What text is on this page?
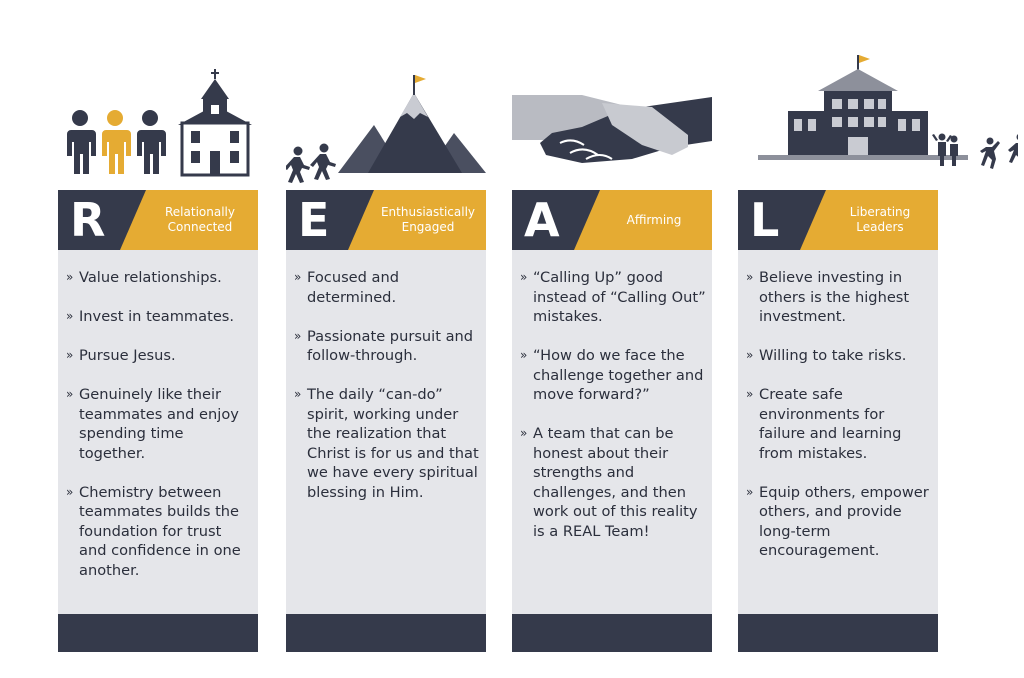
R	Relationally
Connected
» Value relationships.
» Invest in teammates.
» Pursue Jesus.
» Genuinely like their teammates and enjoy spending time together.
» Chemistry between teammates builds the foundation for trust and confidence in one another.
E	Enthusiastically
Engaged
» Focused and determined.
» Passionate pursuit and follow-through.
» The daily “can-do” spirit, working under the realization that Christ is for us and that we have every spiritual blessing in Him.
A	Affirming
» “Calling Up” good instead of “Calling Out” mistakes.
» “How do we face the challenge together and move forward?”
» A team that can be honest about their strengths and challenges, and then work out of this reality is a REAL Team!
L	Liberating
Leaders
» Believe investing in others is the highest investment.
» Willing to take risks.
» Create safe environments for failure and learning from mistakes.
» Equip others, empower others, and provide long-term encouragement.
